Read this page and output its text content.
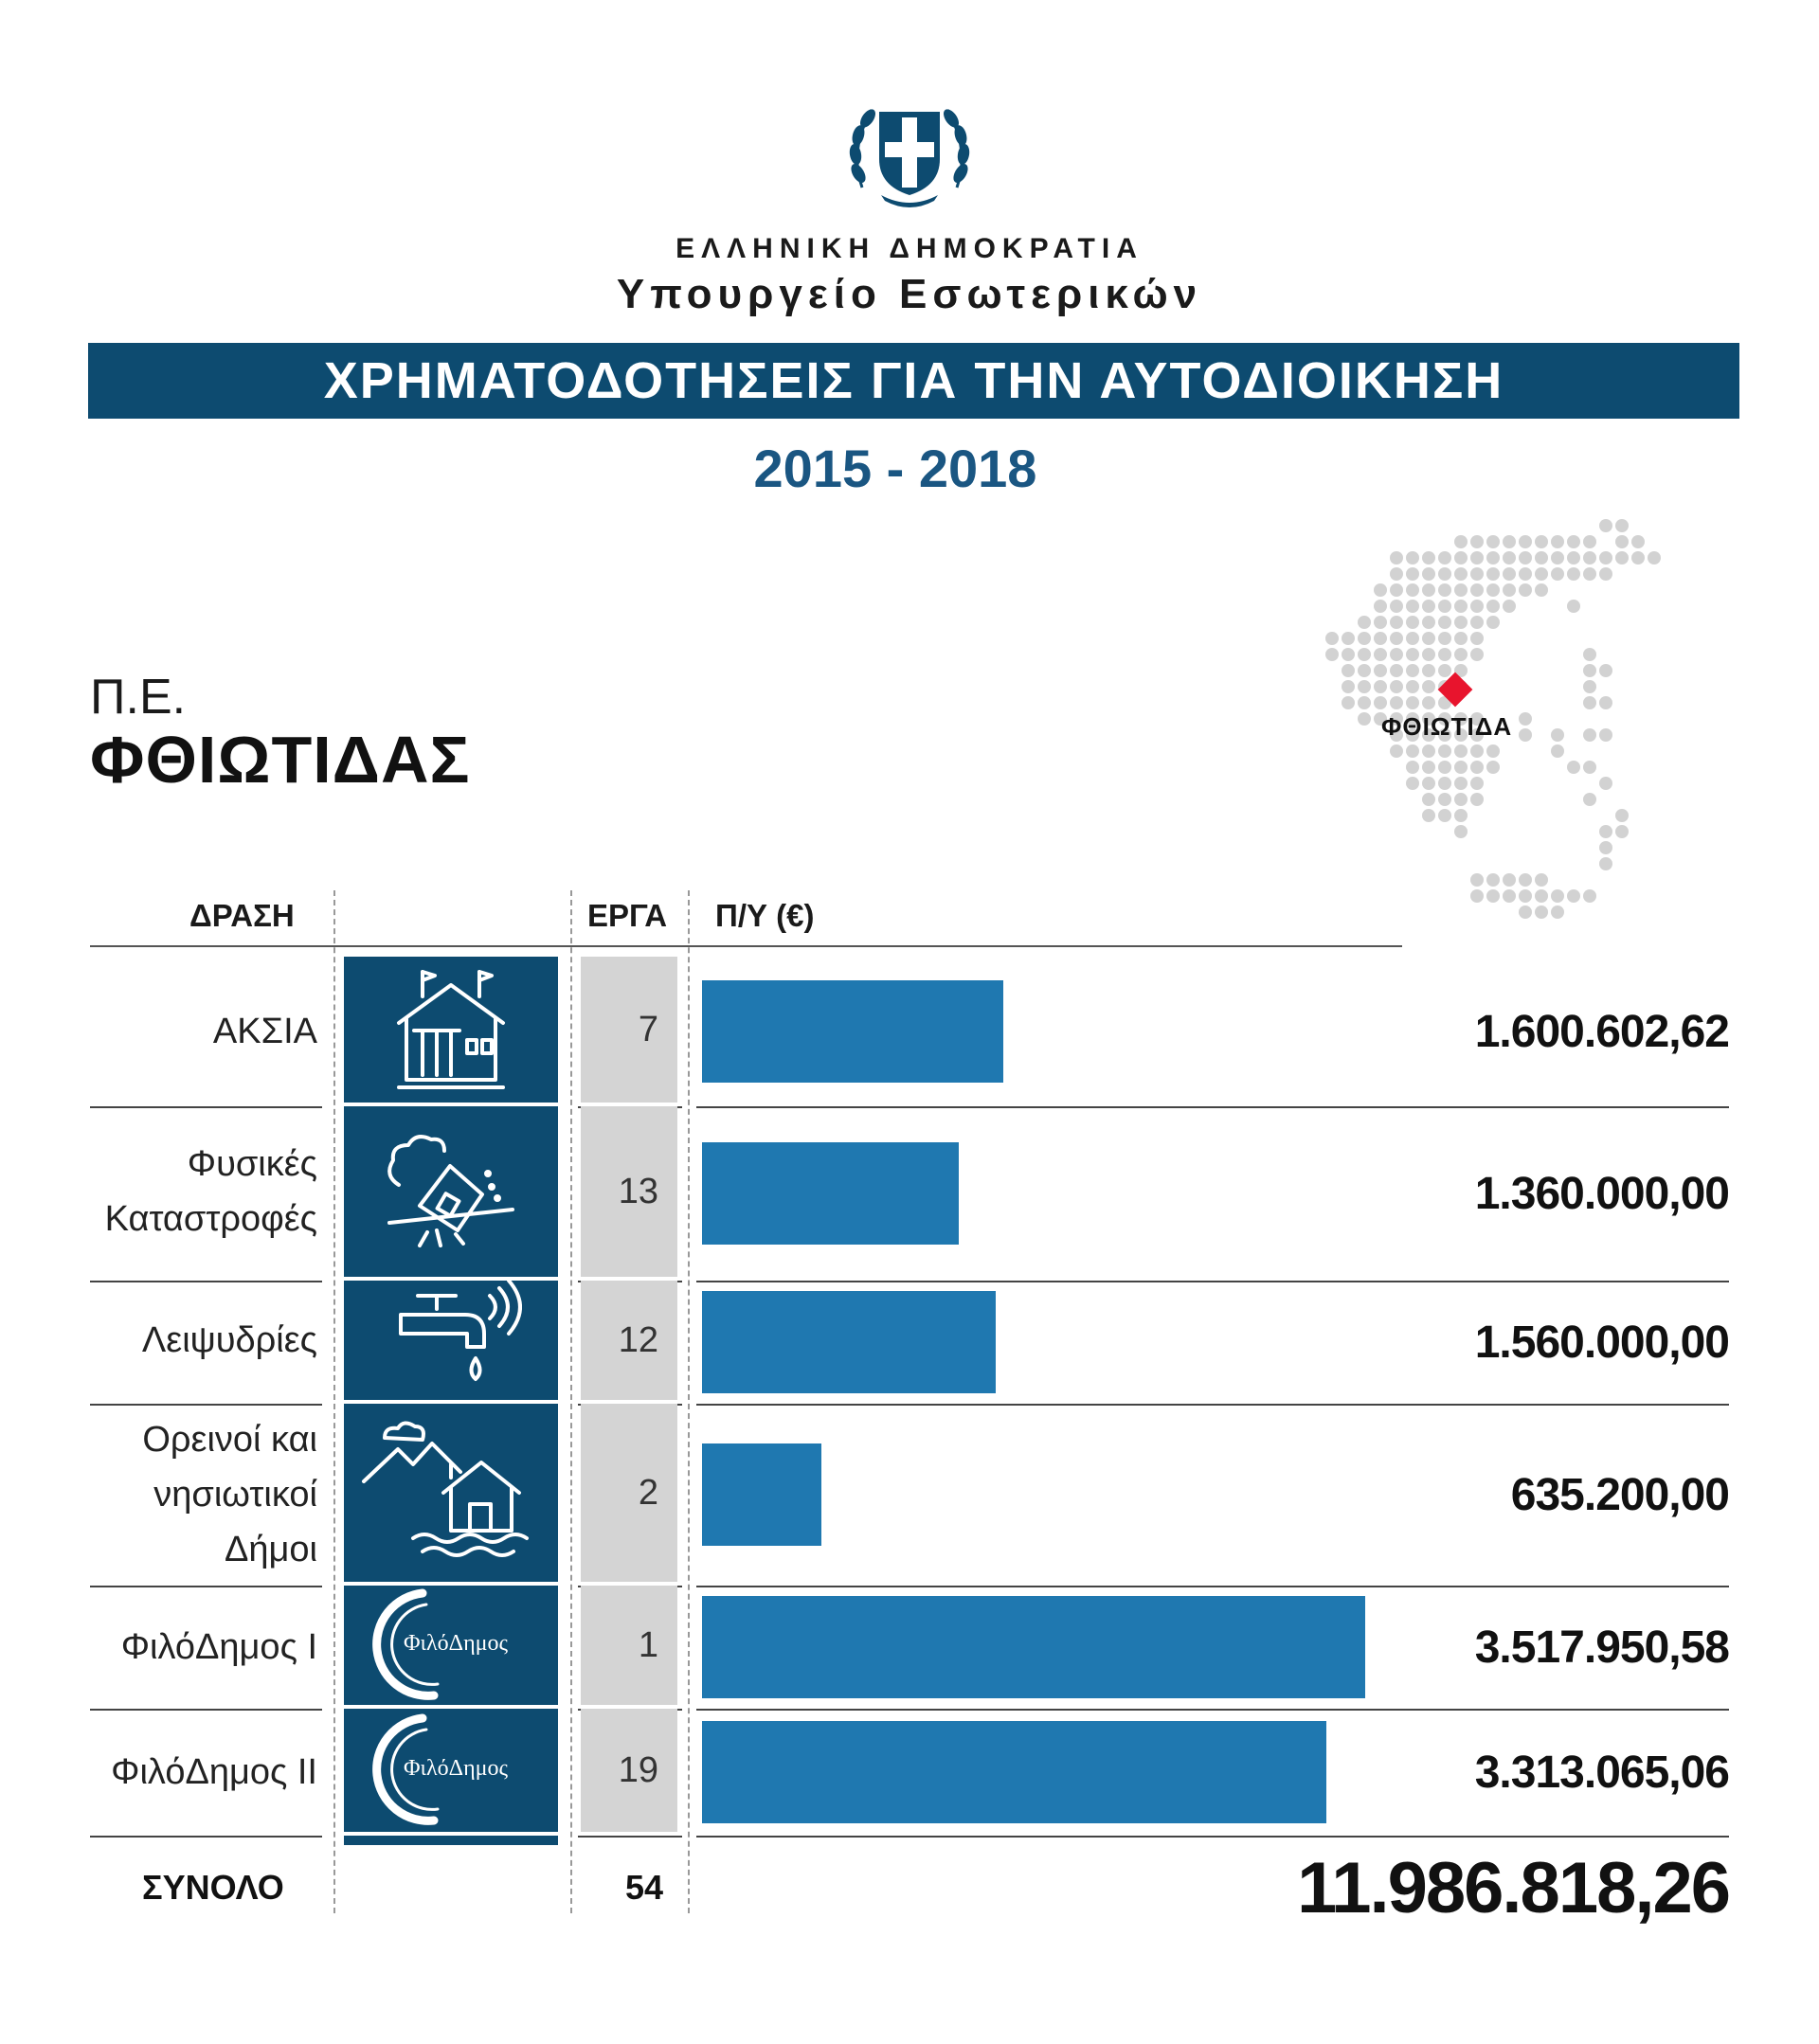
ΕΛΛΗΝΙΚΗ ΔΗΜΟΚΡΑΤΙΑ
Υπουργείο Εσωτερικών
ΧΡΗΜΑΤΟΔΟΤΗΣΕΙΣ ΓΙΑ ΤΗΝ ΑΥΤΟΔΙΟΙΚΗΣΗ
2015 - 2018
Π.Ε.
ΦΘΙΩΤΙΔΑΣ	ΦΘΙΩΤΙΔΑ
ΔΡΑΣΗ	ΕΡΓΑ Π/Υ (€)
ΑΚΣΙΑ	7	1.600.602,62
Φυσικές
Καταστροφές
13	1.360.000,00
Λειψυδρίες	12	1.560.000,00
Ορεινοί και
νησιωτικοί
Δήμοι
2	635.200,00
ΦιλόΔημος Ι	ΦιλόΔημος	1	3.517.950,58
ΦιλόΔημος ΙΙ	ΦιλόΔημος	19	3.313.065,06
ΣΥΝΟΛΟ	54	11.986.818,26
